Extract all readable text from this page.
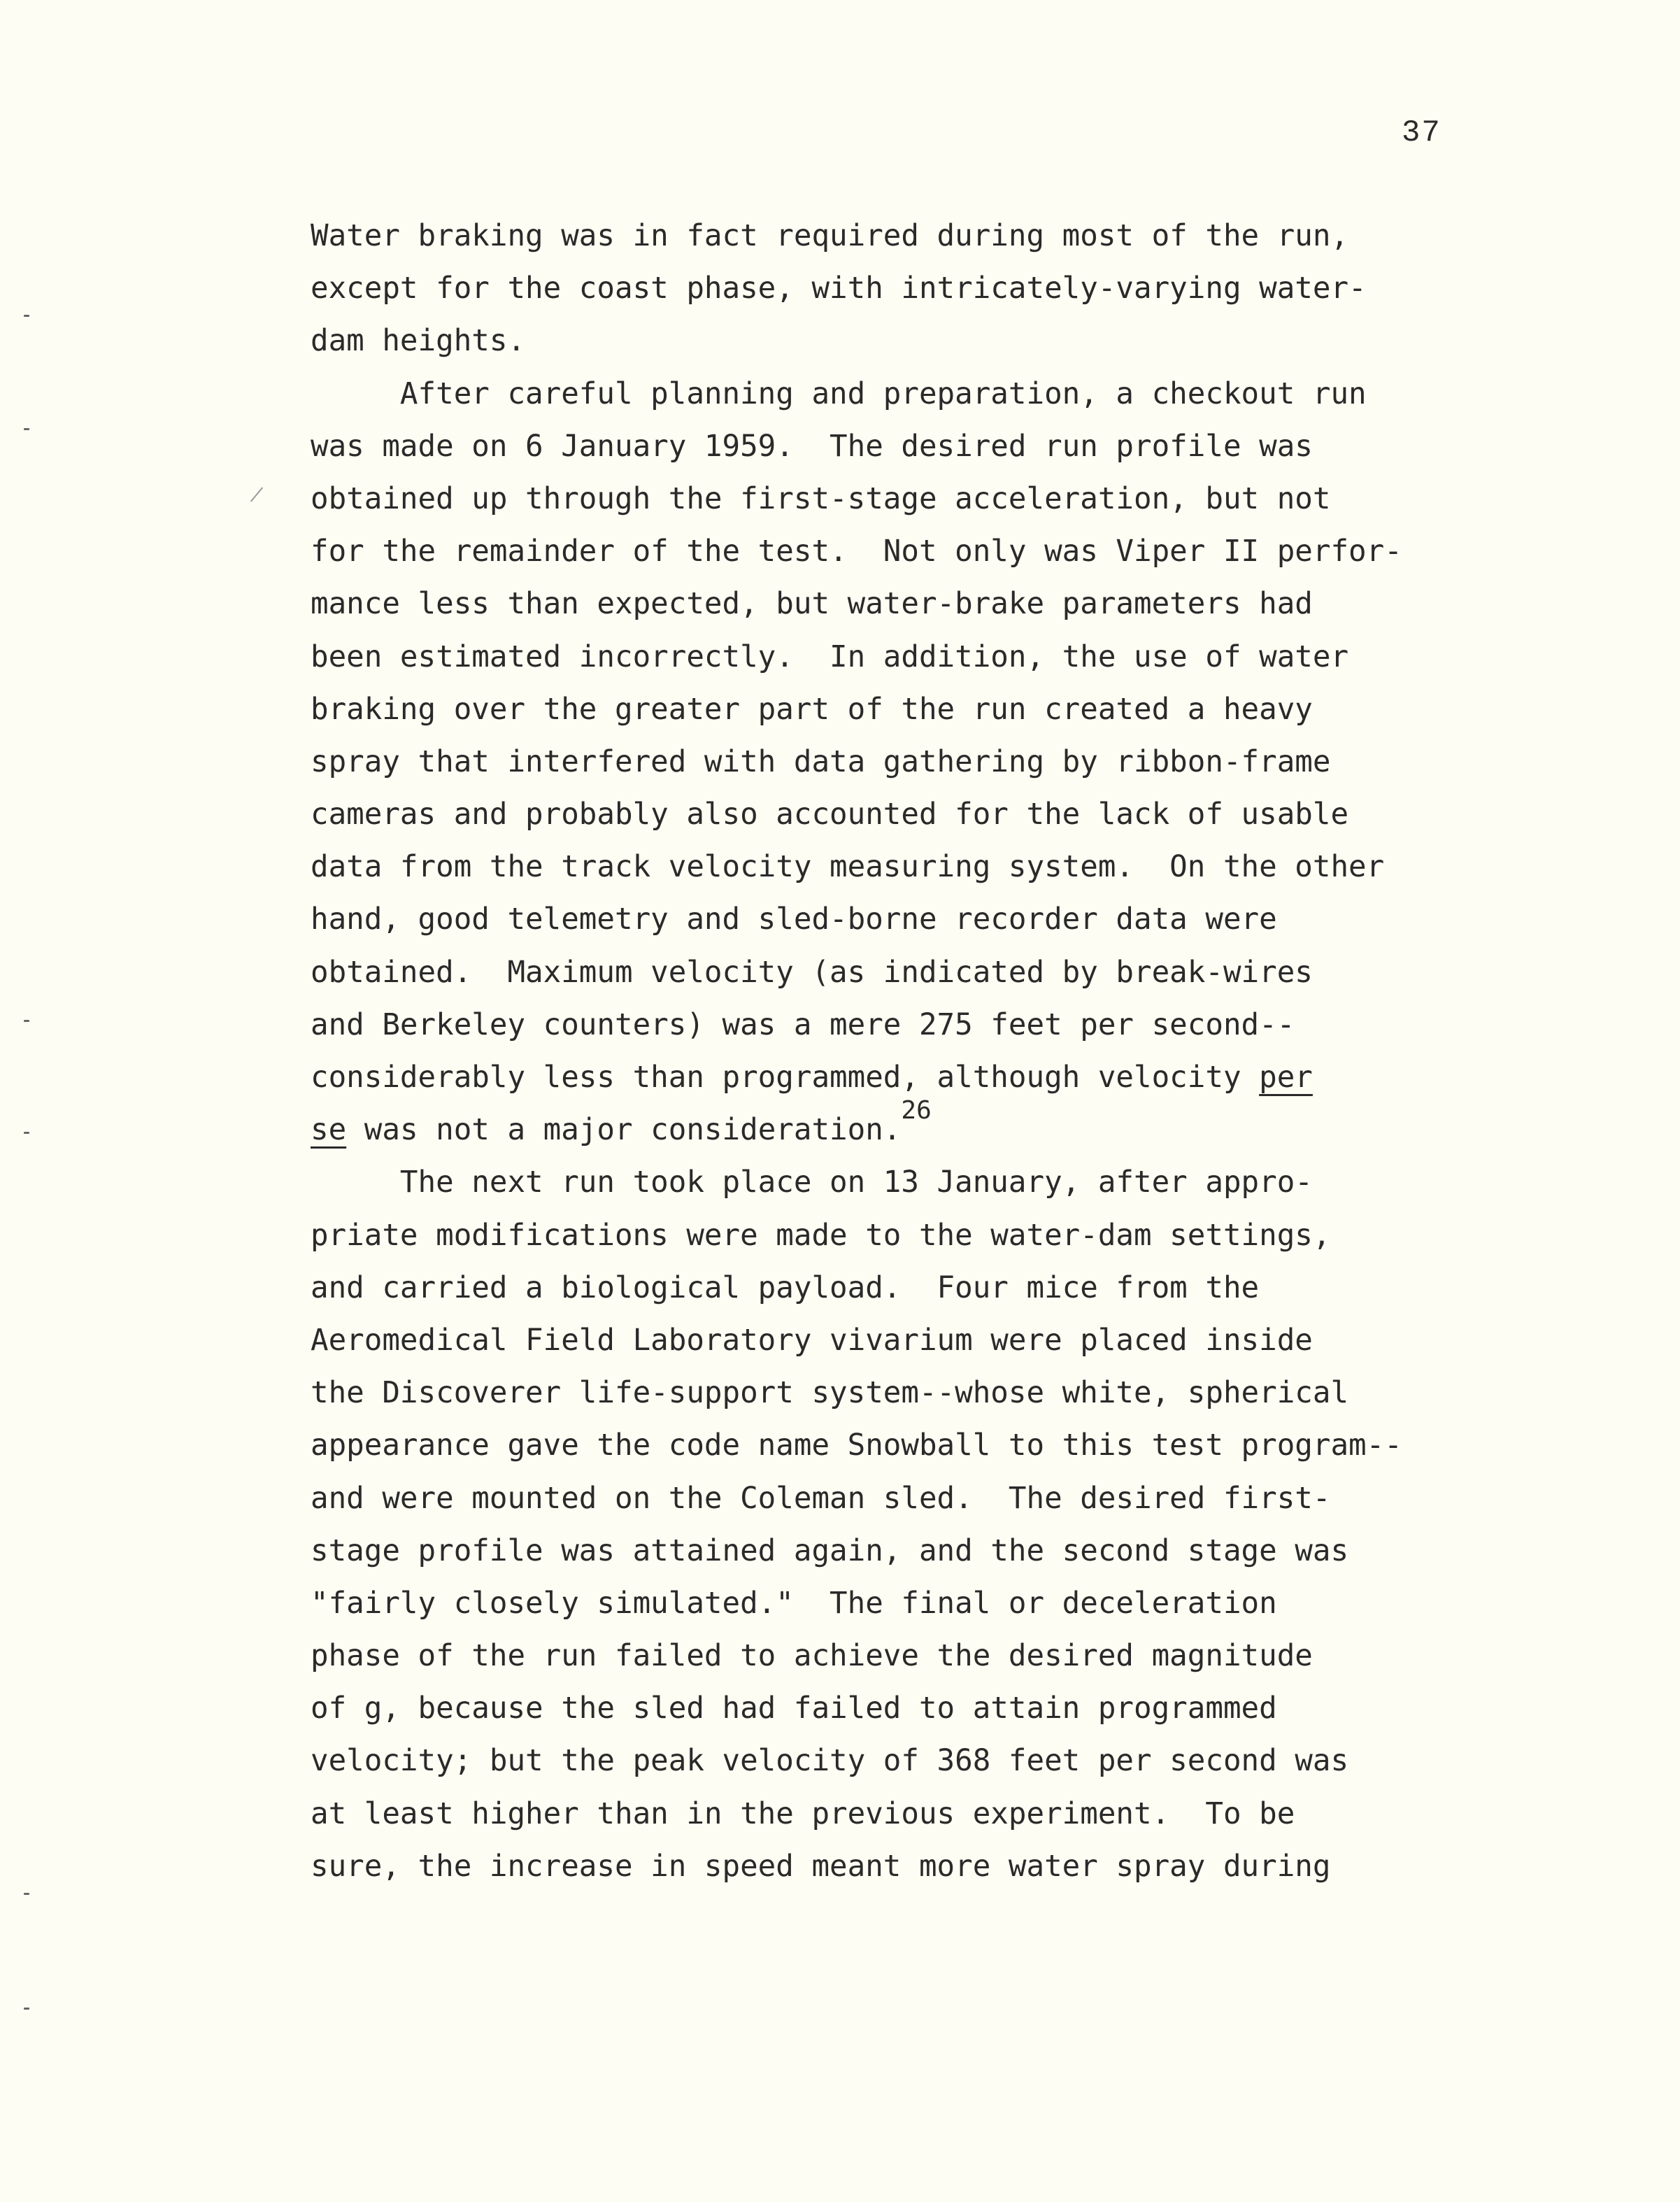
37
Water braking was in fact required during most of the run,
except for the coast phase, with intricately-varying water-
dam heights.
After careful planning and preparation, a checkout run
was made on 6 January 1959.  The desired run profile was
obtained up through the first-stage acceleration, but not
for the remainder of the test.  Not only was Viper II perfor-
mance less than expected, but water-brake parameters had
been estimated incorrectly.  In addition, the use of water
braking over the greater part of the run created a heavy
spray that interfered with data gathering by ribbon-frame
cameras and probably also accounted for the lack of usable
data from the track velocity measuring system.  On the other
hand, good telemetry and sled-borne recorder data were
obtained.  Maximum velocity (as indicated by break-wires
and Berkeley counters) was a mere 275 feet per second--
considerably less than programmed, although velocity per
se was not a major consideration.$^{26}$
The next run took place on 13 January, after appro-
priate modifications were made to the water-dam settings,
and carried a biological payload.  Four mice from the
Aeromedical Field Laboratory vivarium were placed inside
the Discoverer life-support system--whose white, spherical
appearance gave the code name Snowball to this test program--
and were mounted on the Coleman sled.  The desired first-
stage profile was attained again, and the second stage was
"fairly closely simulated."  The final or deceleration
phase of the run failed to achieve the desired magnitude
of g, because the sled had failed to attain programmed
velocity; but the peak velocity of 368 feet per second was
at least higher than in the previous experiment.  To be
sure, the increase in speed meant more water spray during
